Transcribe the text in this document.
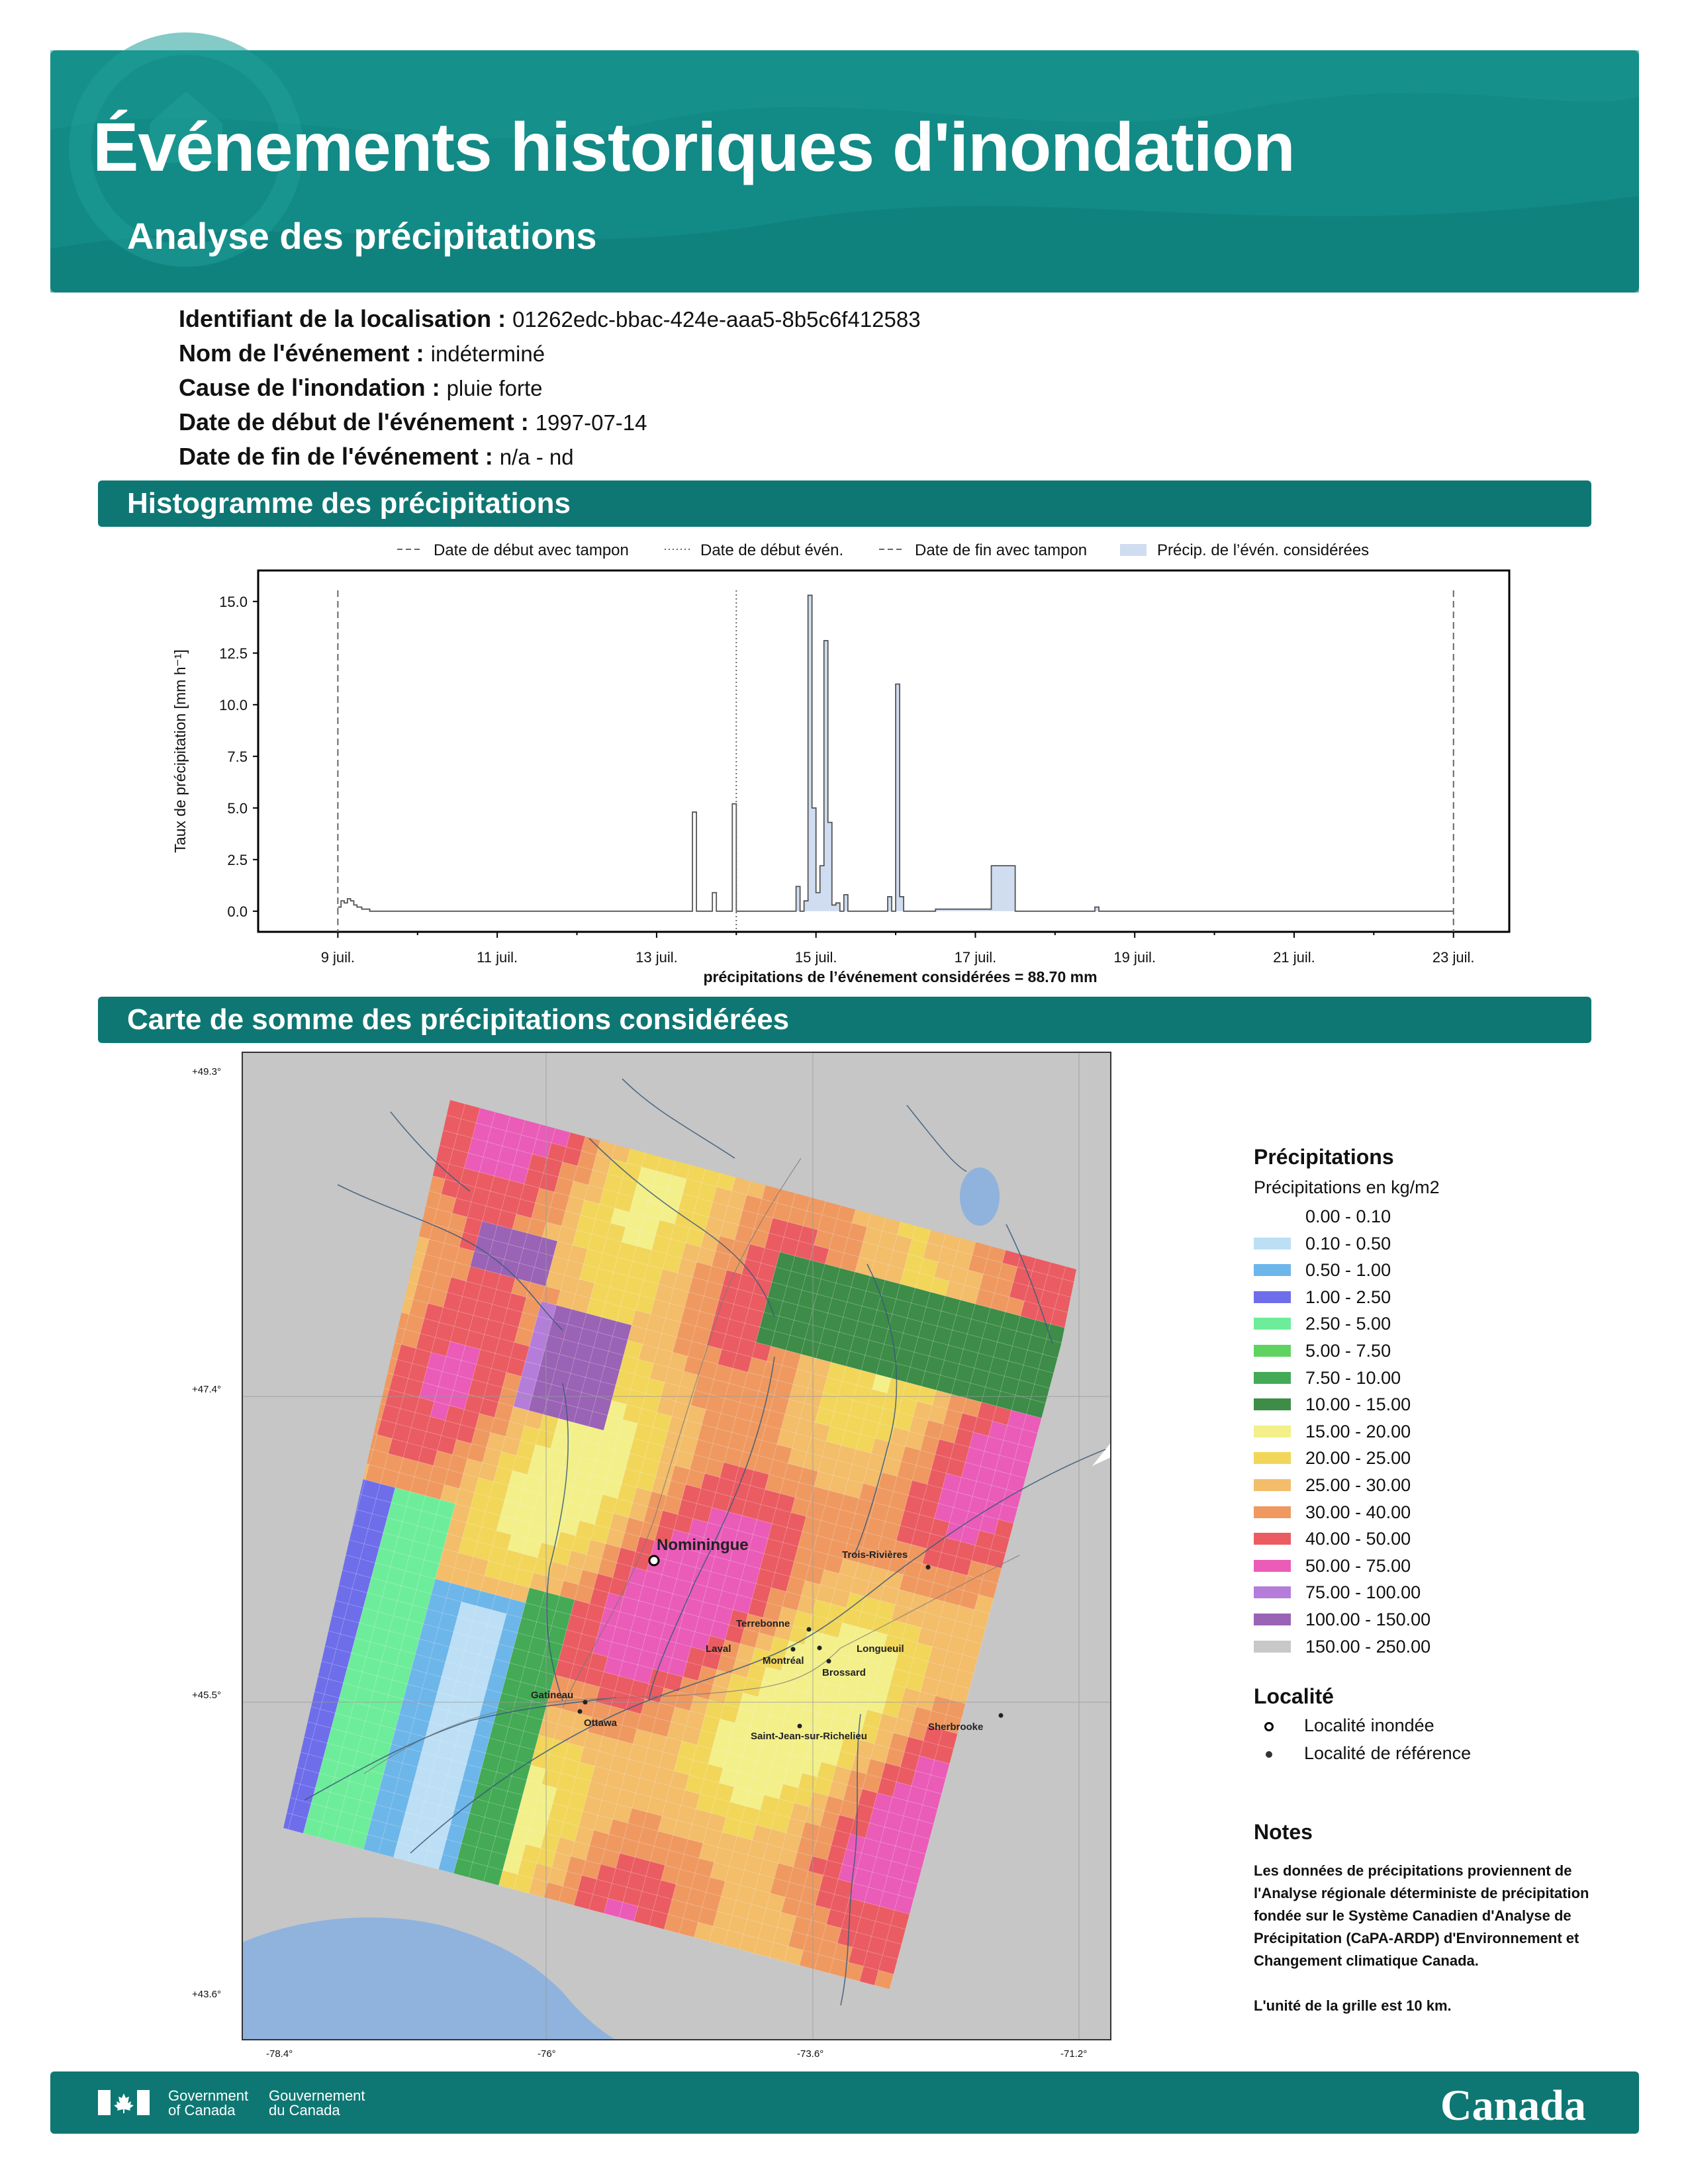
Événements historiques d'inondation
Analyse des précipitations
Identifiant de la localisation : 01262edc-bbac-424e-aaa5-8b5c6f412583
Nom de l'événement : indéterminé
Cause de l'inondation : pluie forte
Date de début de l'événement : 1997-07-14
Date de fin de l'événement : n/a - nd
Histogramme des précipitations
Date de début avec tampon	Date de début évén.	Date de fin avec tampon	Précip. de l’évén. considérées
0.0
2.5
5.0
7.5
10.0
12.5
15.0
9 juil.	11 juil.	13 juil.	15 juil.	17 juil.	19 juil.	21 juil.	23 juil.
Taux de précipitation [mm h⁻¹]
précipitations de l’événement considérées = 88.70 mm
Carte de somme des précipitations considérées
+49.3°
+47.4°
+45.5°
+43.6°
-78.4°	-76°	-73.6°	-71.2°
Nominingue
Trois-Rivières
Terrebonne
Laval
Montréal
Longueuil
Brossard
Gatineau
Ottawa	Sherbrooke
Saint-Jean-sur-Richelieu
Précipitations
Précipitations en kg/m2
0.00 - 0.10
0.10 - 0.50
0.50 - 1.00
1.00 - 2.50
2.50 - 5.00
5.00 - 7.50
7.50 - 10.00
10.00 - 15.00
15.00 - 20.00
20.00 - 25.00
25.00 - 30.00
30.00 - 40.00
40.00 - 50.00
50.00 - 75.00
75.00 - 100.00
100.00 - 150.00
150.00 - 250.00
Localité
Localité inondée
Localité de référence
Notes
Les données de précipitations proviennent de l'Analyse régionale déterministe de précipitation fondée sur le Système Canadien d'Analyse de Précipitation (CaPA-ARDP) d'Environnement et Changement climatique Canada.
L'unité de la grille est 10 km.
Government
of Canada
Gouvernement
du Canada	Canada
